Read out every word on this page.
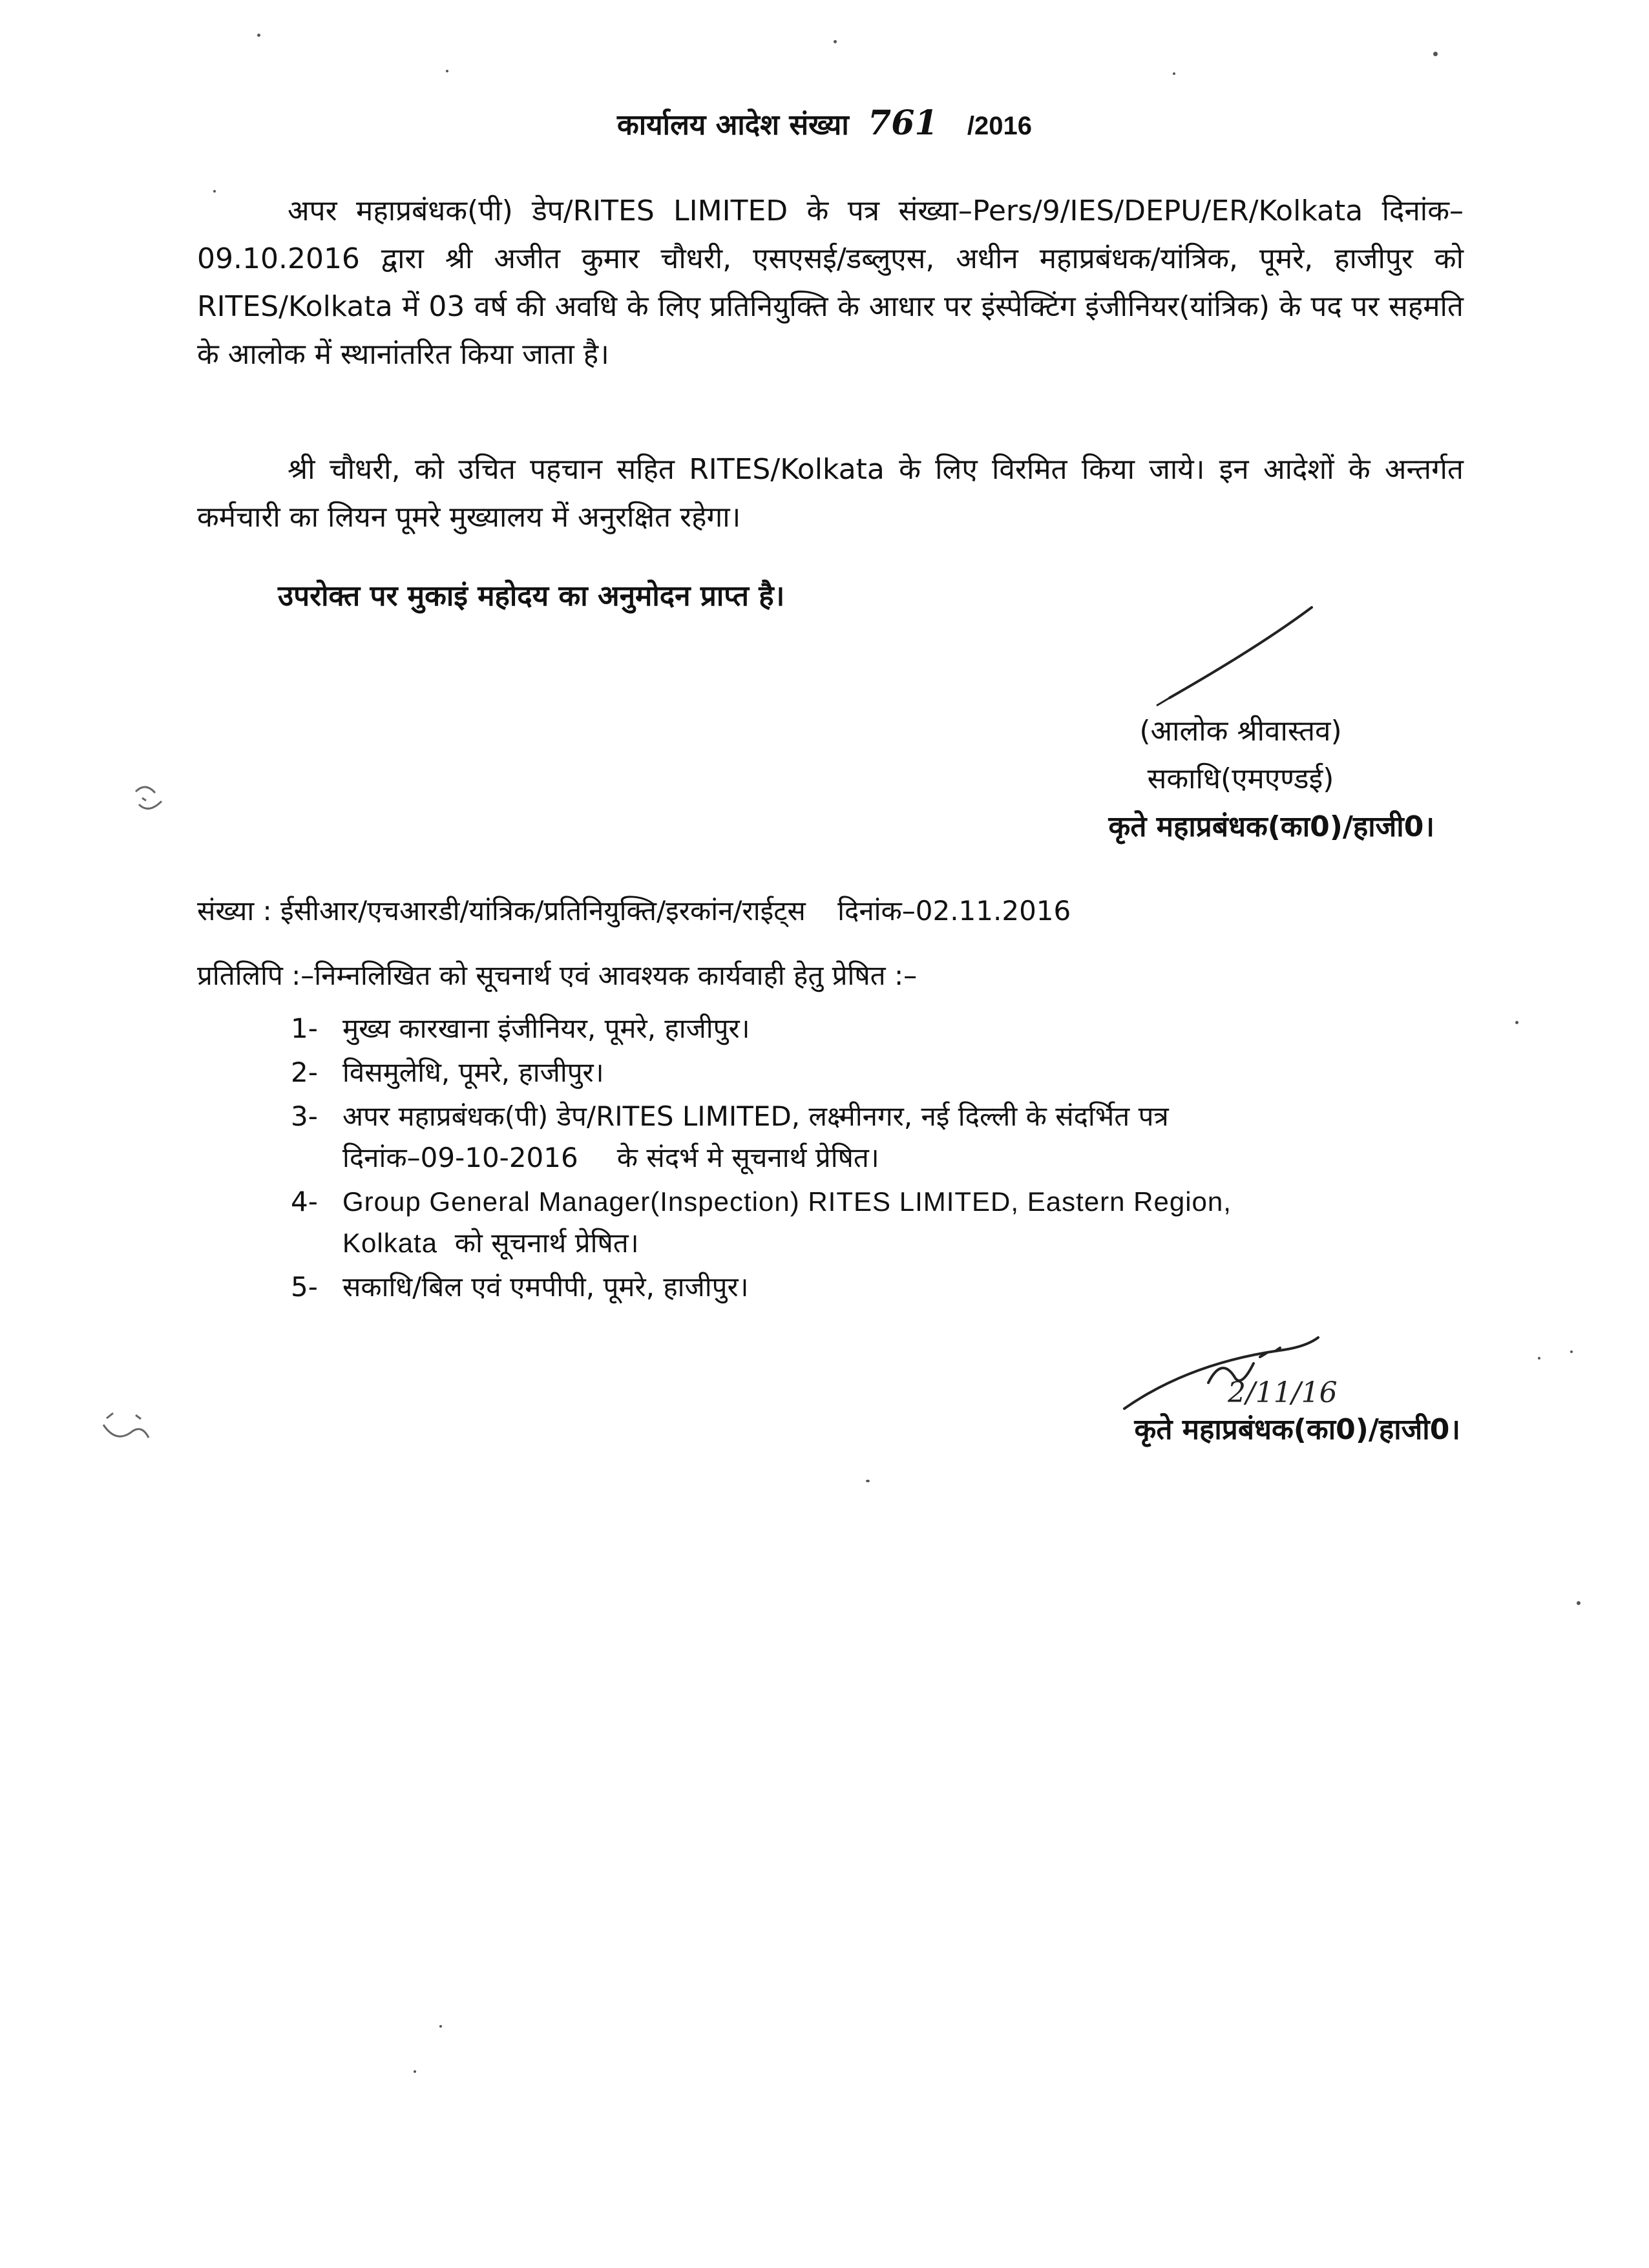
कार्यालय आदेश संख्या 761 /2016
अपर महाप्रबंधक(पी) डेप/RITES LIMITED के पत्र संख्या–Pers/9/IES/DEPU/ER/Kolkata दिनांक–09.10.2016 द्वारा श्री अजीत कुमार चौधरी, एसएसई/डब्लुएस, अधीन महाप्रबंधक/यांत्रिक, पूमरे, हाजीपुर को RITES/Kolkata में 03 वर्ष की अवधि के लिए प्रतिनियुक्ति के आधार पर इंस्पेक्टिंग इंजीनियर(यांत्रिक) के पद पर सहमति के आलोक में स्थानांतरित किया जाता है।
श्री चौधरी, को उचित पहचान सहित RITES/Kolkata के लिए विरमित किया जाये। इन आदेशों के अन्तर्गत कर्मचारी का लियन पूमरे मुख्यालय में अनुरक्षित रहेगा।
उपरोक्त पर मुकाइं महोदय का अनुमोदन प्राप्त है।
(आलोक श्रीवास्तव)
सकाधि(एमएण्डई)
कृते महाप्रबंधक(का0)/हाजी0।
संख्या : ईसीआर/एचआरडी/यांत्रिक/प्रतिनियुक्ति/इरकांन/राईट्स दिनांक–02.11.2016
प्रतिलिपि :–निम्नलिखित को सूचनार्थ एवं आवश्यक कार्यवाही हेतु प्रेषित :–
1- मुख्य कारखाना इंजीनियर, पूमरे, हाजीपुर।
2- विसमुलेधि, पूमरे, हाजीपुर।
3- अपर महाप्रबंधक(पी) डेप/RITES LIMITED, लक्ष्मीनगर, नई दिल्ली के संदर्भित पत्र
दिनांक–09-10-2016 के संदर्भ मे सूचनार्थ प्रेषित।
4- Group General Manager(Inspection) RITES LIMITED, Eastern Region,
Kolkata को सूचनार्थ प्रेषित।
5- सकाधि/बिल एवं एमपीपी, पूमरे, हाजीपुर।
2/11/16
कृते महाप्रबंधक(का0)/हाजी0।
